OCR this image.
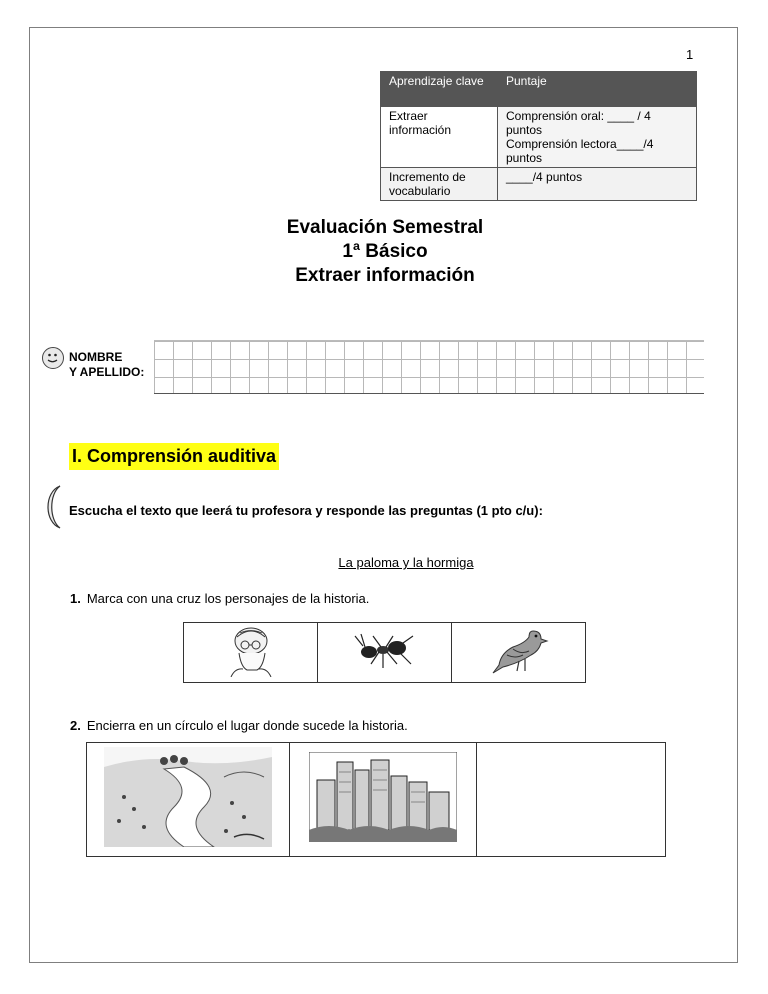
1
Aprendizaje clave	Puntaje
Extraer información	Comprensión oral: ____ / 4 puntos
Comprensión lectora____/4 puntos

Incremento de vocabulario	____/4 puntos
Evaluación Semestral
1ª Básico
Extraer información
NOMBRE
Y APELLIDO:
I. Comprensión auditiva
Escucha el texto que leerá tu profesora y responde las preguntas (1 pto c/u):
La paloma y la hormiga
1. Marca con una cruz los personajes de la historia.

2. Encierra en un círculo el lugar donde sucede la historia.
